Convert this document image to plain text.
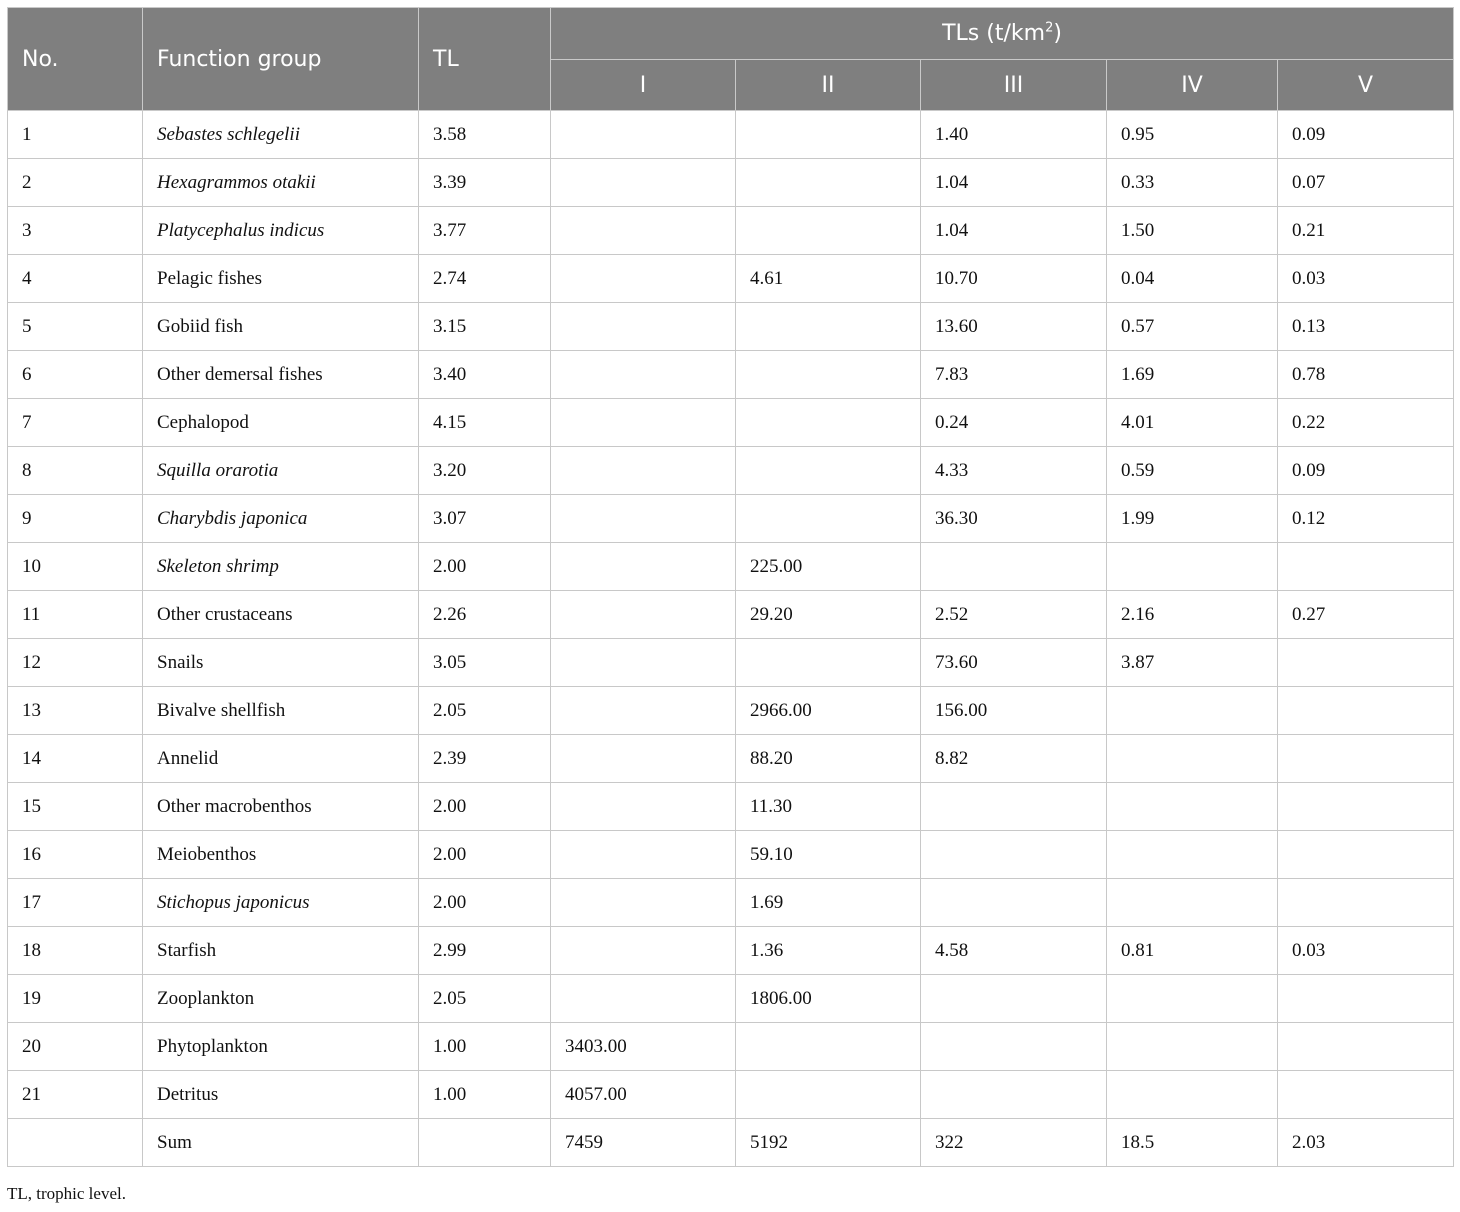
No.	Function group	TL	TLs $(t/km^2)$				
			I	II	III	IV	V
1	Sebastes schlegelii	3.58			1.40	0.95	0.09
2	Hexagrammos otakii	3.39			1.04	0.33	0.07
3	Platycephalus indicus	3.77			1.04	1.50	0.21
4	Pelagic fishes	2.74		4.61	10.70	0.04	0.03
5	Gobiid fish	3.15			13.60	0.57	0.13
6	Other demersal fishes	3.40			7.83	1.69	0.78
7	Cephalopod	4.15			0.24	4.01	0.22
8	Squilla orarotia	3.20			4.33	0.59	0.09
9	Charybdis japonica	3.07			36.30	1.99	0.12
10	Skeleton shrimp	2.00		225.00			
11	Other crustaceans	2.26		29.20	2.52	2.16	0.27
12	Snails	3.05			73.60	3.87	
13	Bivalve shellfish	2.05		2966.00	156.00		
14	Annelid	2.39		88.20	8.82		
15	Other macrobenthos	2.00		11.30			
16	Meiobenthos	2.00		59.10			
17	Stichopus japonicus	2.00		1.69			
18	Starfish	2.99		1.36	4.58	0.81	0.03
19	Zooplankton	2.05		1806.00			
20	Phytoplankton	1.00	3403.00				
21	Detritus	1.00	4057.00				
	Sum		7459	5192	322	18.5	2.03

TL, trophic level.
